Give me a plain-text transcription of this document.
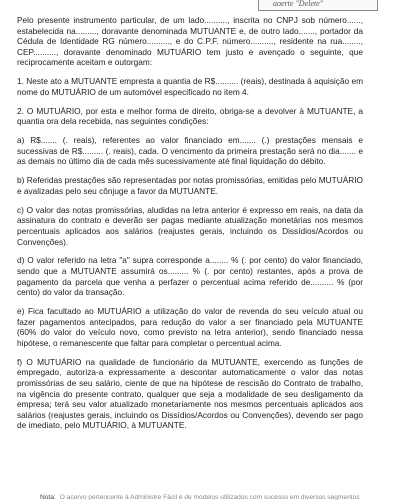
aoerte "Delete"

Pelo presente instrumento particular, de um lado.........., inscrita no CNPJ sob número......, estabelecida na........., doravante denominada MUTUANTE e, de outro lado......., portador da Cédula de Identidade RG número.........., e do C.P.F. número.........., residente na rua........, CEP.........., doravante denominado MUTUÁRIO tem justo e avençado o seguinte, que reciprocamente aceitam e outorgam:

1. Neste ato a MUTUANTE empresta a quantia de R$.......... (reais), destinada à aquisição em nome do MUTUÁRIO de um automóvel especificado no item 4.

2. O MUTUÁRIO, por esta e melhor forma de direito, obriga-se a devolver à MUTUANTE, a quantia ora dela recebida, nas seguintes condições:

a) R$....... (. reais), referentes ao valor financiado em....... (.) prestações mensais e sucessivas de R$......... (. reais), cada. O vencimento da primeira prestação será no dia....... e as demais no último dia de cada mês sucessivamente até final liquidação do débito.

b) Referidas prestações são representadas por notas promissórias, emitidas pelo MUTUÁRIO e avalizadas pelo seu cônjuge a favor da MUTUANTE.

c) O valor das notas promissórias, aludidas na letra anterior é expresso em reais, na data da assinatura do contrato e deverão ser pagas mediante atualização monetárias nos mesmos percentuais aplicados aos salários (reajustes gerais, incluindo os Dissídios/Acordos ou Convenções).

d) O valor referido na letra "a" supra corresponde a........ % (. por cento) do valor financiado, sendo que a MUTUANTE assumirá os......... % (. por cento) restantes, após a prova de pagamento da parcela que venha a perfazer o percentual acima referido de.......... % (por cento) do valor da transação.

e) Fica facultado ao MUTUÁRIO a utilização do valor de revenda do seu veículo atual ou fazer pagamentos antecipados, para redução do valor a ser financiado pela MUTUANTE (60% do valor do veículo novo, como previsto na letra anterior), sendo financiado nessa hipótese, o remanescente que faltar para completar o percentual acima.

f) O MUTUÁRIO na qualidade de funcionário da MUTUANTE, exercendo as funções de empregado, autoriza-a expressamente a descontar automaticamente o valor das notas promissórias de seu salário, ciente de que na hipótese de rescisão do Contrato de trabalho, na vigência do presente contrato, qualquer que seja a modalidade de seu desligamento da empresa; terá seu valor atualizado monetariamente nos mesmos percentuais aplicados aos salários (reajustes gerais, incluindo os Dissídios/Acordos ou Convenções), devendo ser pago de imediato, pelo MUTUÁRIO, à MUTUANTE.

Nota: O acervo pertencente à Administre Fácil é de modelos utilizados com sucesso em diversos segmentos
